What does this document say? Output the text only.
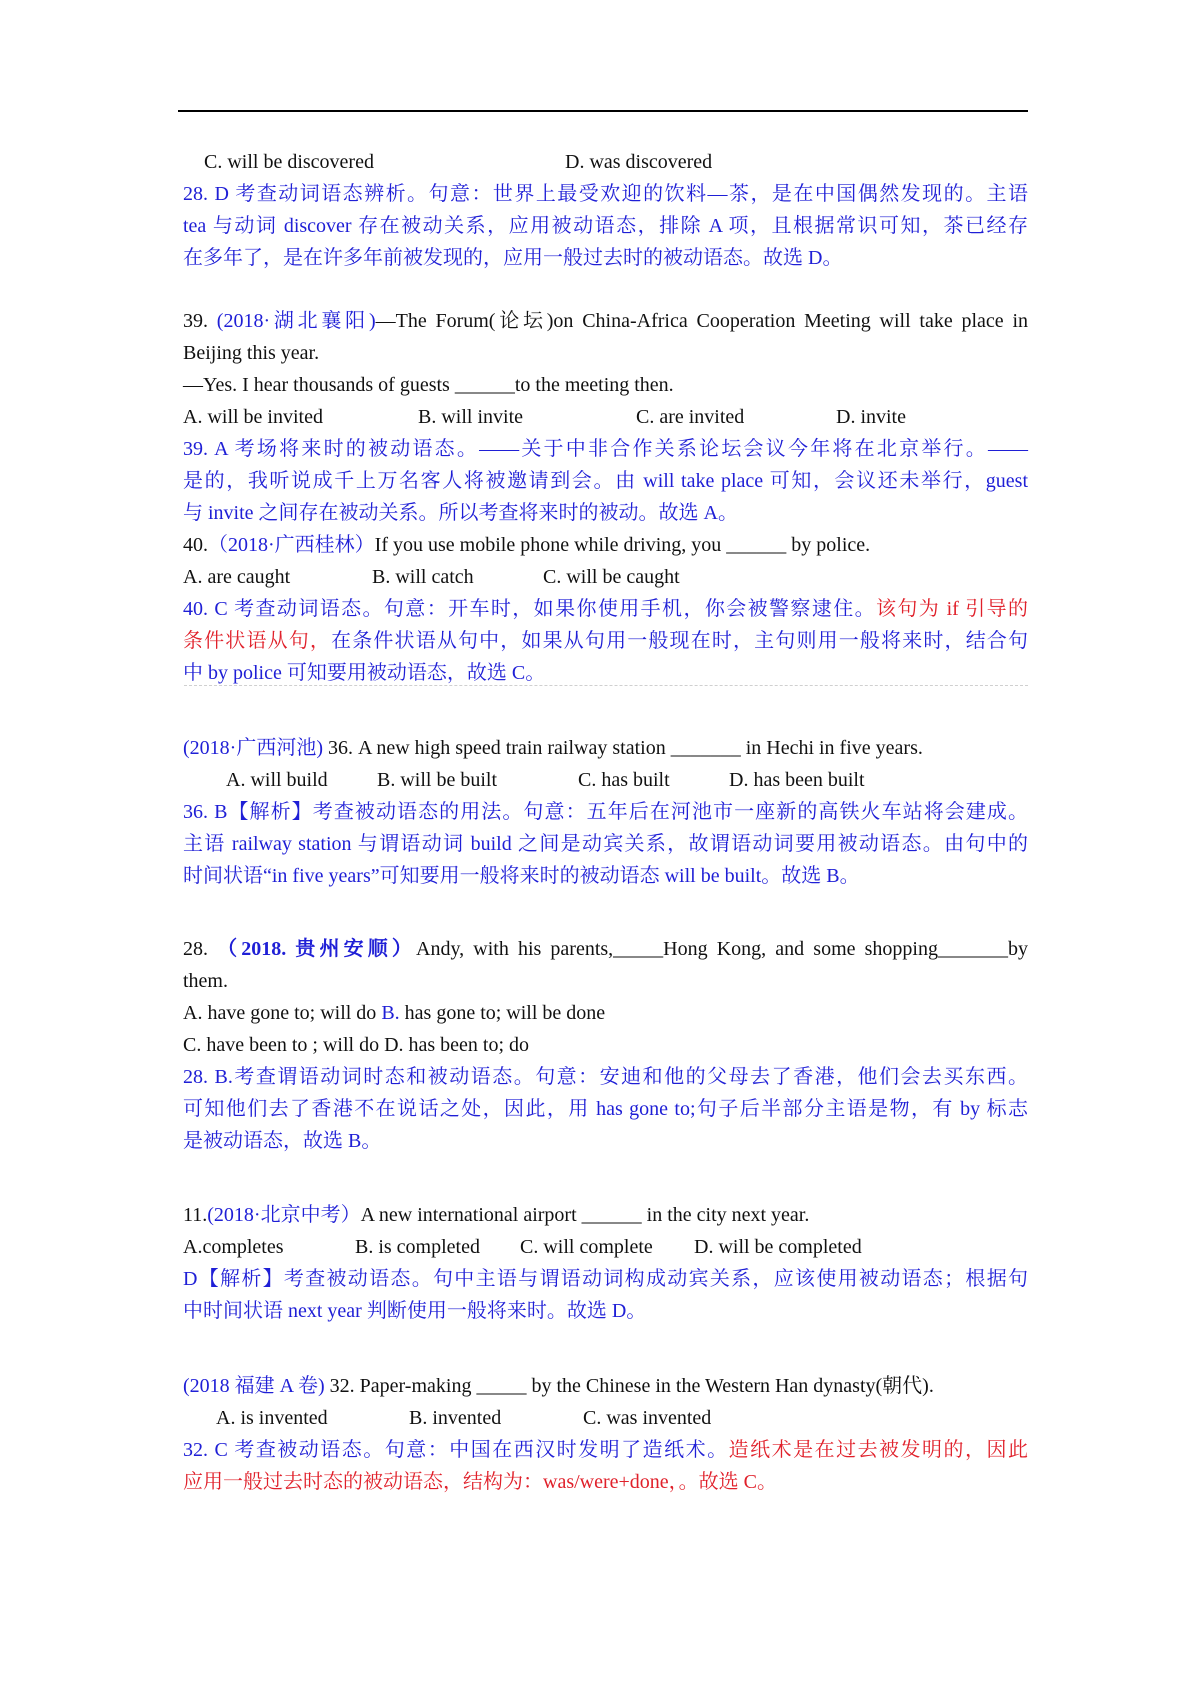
C. will be discovered	D. was discovered
28. D 考查动词语态辨析。句意：世界上最受欢迎的饮料—茶，是在中国偶然发现的。主语
tea 与动词 discover 存在被动关系，应用被动语态，排除 A 项，且根据常识可知，茶已经存
在多年了，是在许多年前被发现的，应用一般过去时的被动语态。故选 D。
39. (2018·湖北襄阳)—The Forum(论坛)on China-Africa Cooperation Meeting will take place in
Beijing this year.
—Yes. I hear thousands of guests ______to the meeting then.
A. will be invited	B. will invite	C. are invited	D. invite
39. A 考场将来时的被动语态。——关于中非合作关系论坛会议今年将在北京举行。——
是的，我听说成千上万名客人将被邀请到会。由 will take place 可知，会议还未举行，guest
与 invite 之间存在被动关系。所以考查将来时的被动。故选 A。
40.（2018·广西桂林）If you use mobile phone while driving, you ______ by police.
A. are caught	B. will catch	C. will be caught
40. C 考查动词语态。句意：开车时，如果你使用手机，你会被警察逮住。该句为 if 引导的
条件状语从句，在条件状语从句中，如果从句用一般现在时，主句则用一般将来时，结合句
中 by police 可知要用被动语态，故选 C。
(2018·广西河池) 36. A new high speed train railway station _______ in Hechi in five years.
A. will build B. will be built	C. has built	D. has been built
36. B【解析】考查被动语态的用法。句意：五年后在河池市一座新的高铁火车站将会建成。
主语 railway station 与谓语动词 build 之间是动宾关系，故谓语动词要用被动语态。由句中的
时间状语“in five years”可知要用一般将来时的被动语态 will be built。故选 B。
28. （2018. 贵州安顺）Andy, with his parents,_____Hong Kong, and some shopping_______by
them.
A. have gone to; will do B. has gone to; will be done
C. have been to ; will do D. has been to; do
28. B.考查谓语动词时态和被动语态。句意：安迪和他的父母去了香港，他们会去买东西。
可知他们去了香港不在说话之处，因此，用 has gone to;句子后半部分主语是物，有 by 标志
是被动语态，故选 B。
11.(2018·北京中考）A new international airport ______ in the city next year.
A.completes	B. is completed C. will complete D. will be completed
D【解析】考查被动语态。句中主语与谓语动词构成动宾关系，应该使用被动语态；根据句
中时间状语 next year 判断使用一般将来时。故选 D。
(2018 福建 A 卷) 32. Paper-making _____ by the Chinese in the Western Han dynasty(朝代).
A. is invented	B. invented	C. was invented
32. C 考查被动语态。句意：中国在西汉时发明了造纸术。造纸术是在过去被发明的，因此
应用一般过去时态的被动语态，结构为：was/were+done，。故选 C。
